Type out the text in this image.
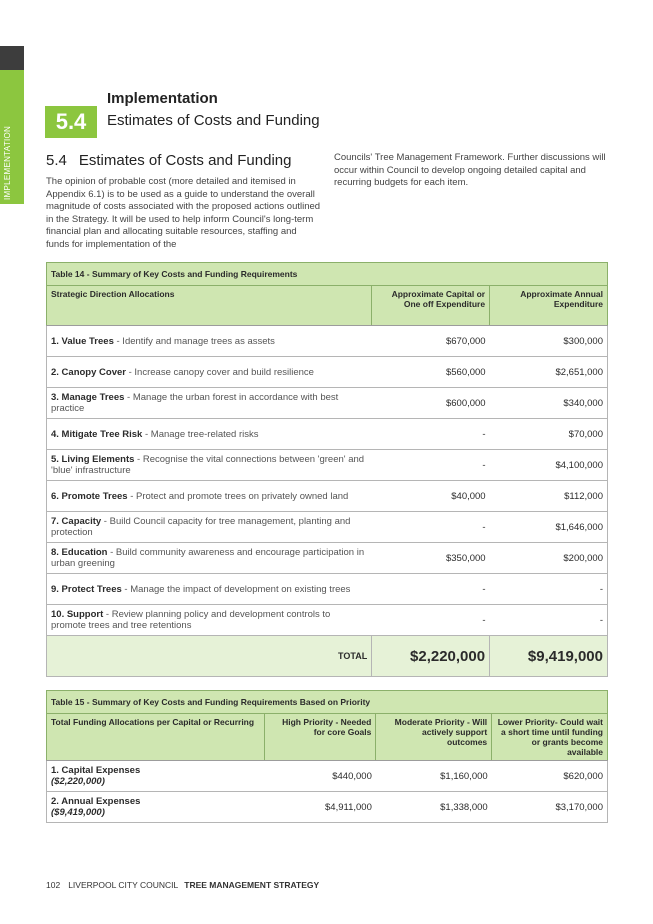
IMPLEMENTATION
5.4
Implementation
Estimates of Costs and Funding
5.4 Estimates of Costs and Funding
The opinion of probable cost (more detailed and itemised in Appendix 6.1) is to be used as a guide to understand the overall magnitude of costs associated with the proposed actions outlined in the Strategy. It will be used to help inform Council's long-term financial plan and allocating suitable resources, staffing and funds for implementation of the
Councils' Tree Management Framework. Further discussions will occur within Council to develop ongoing detailed capital and recurring budgets for each item.
Table 14 - Summary of Key Costs and Funding Requirements		
Strategic Direction Allocations	Approximate Capital or One off Expenditure	Approximate Annual Expenditure
1. Value Trees - Identify and manage trees as assets	$670,000	$300,000
2. Canopy Cover - Increase canopy cover and build resilience	$560,000	$2,651,000
3. Manage Trees - Manage the urban forest in accordance with best practice	$600,000	$340,000
4. Mitigate Tree Risk - Manage tree-related risks	-	$70,000
5. Living Elements - Recognise the vital connections between 'green' and 'blue' infrastructure	-	$4,100,000
6. Promote Trees - Protect and promote trees on privately owned land	$40,000	$112,000
7. Capacity - Build Council capacity for tree management, planting and protection	-	$1,646,000
8. Education - Build community awareness and encourage participation in urban greening	$350,000	$200,000
9. Protect Trees - Manage the impact of development on existing trees	-	-
10. Support - Review planning policy and development controls to promote trees and tree retentions	-	-
TOTAL	$2,220,000	$9,419,000
Table 15 - Summary of Key Costs and Funding Requirements Based on Priority			
Total Funding Allocations per Capital or Recurring	High Priority - Needed for core Goals	Moderate Priority - Will actively support outcomes	Lower Priority- Could wait a short time until funding or grants become available
1. Capital Expenses
($2,220,000)	$440,000	$1,160,000	$620,000
2. Annual Expenses
($9,419,000)	$4,911,000	$1,338,000	$3,170,000
102 LIVERPOOL CITY COUNCIL TREE MANAGEMENT STRATEGY
